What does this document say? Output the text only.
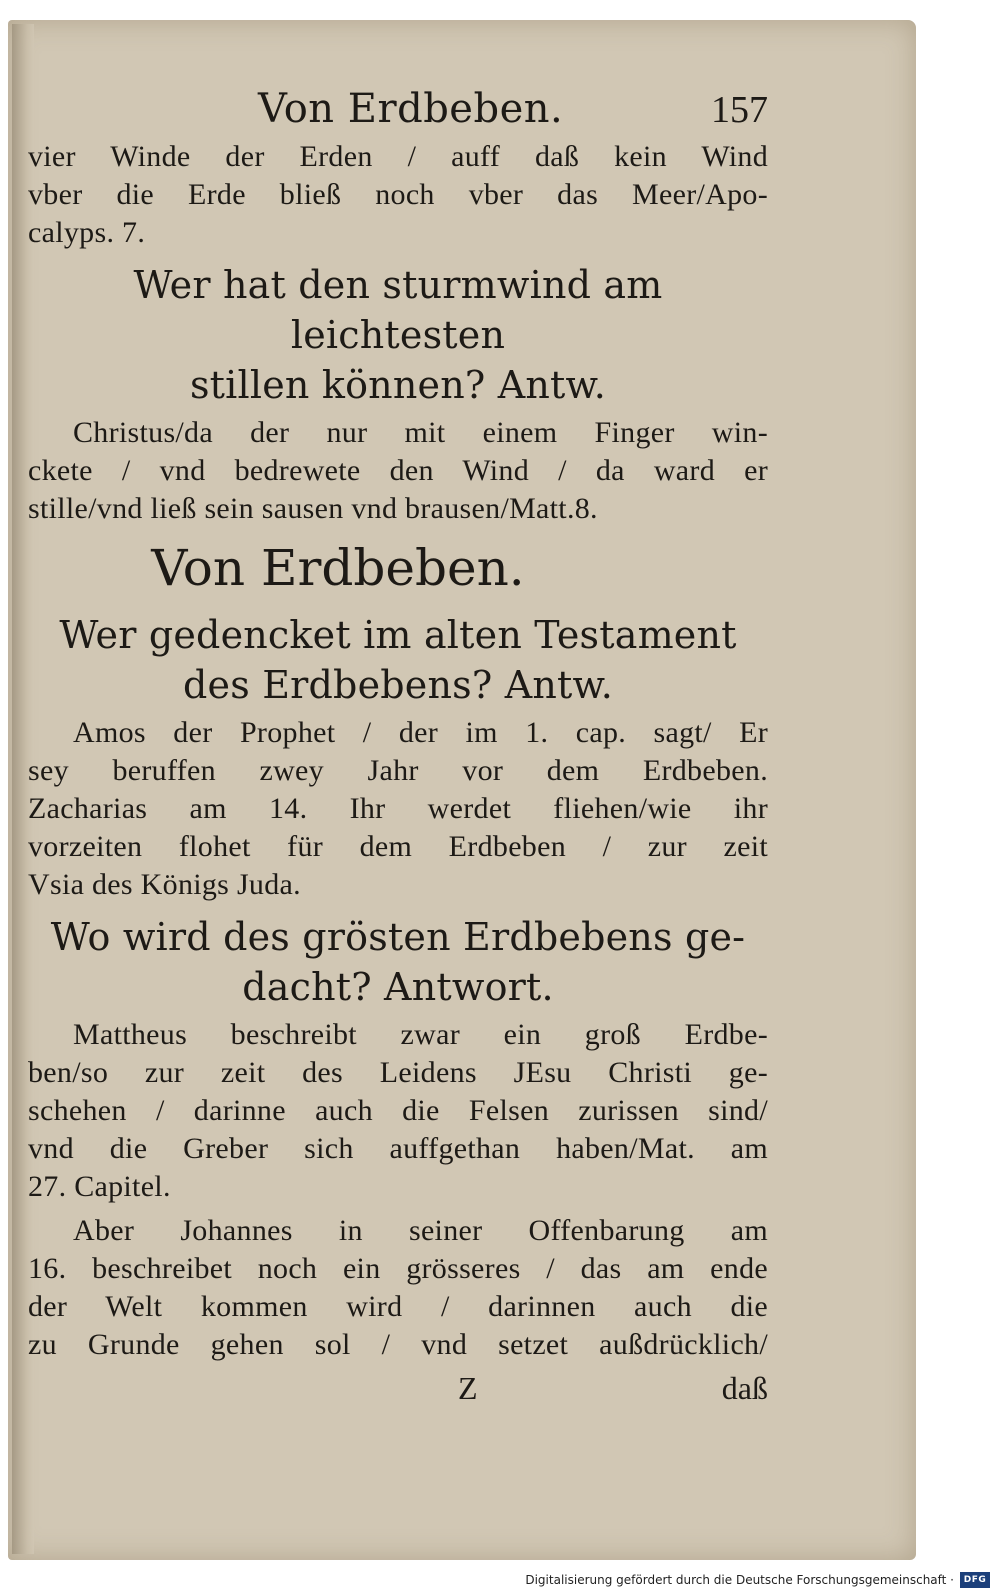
Von Erdbeben.	157
vier Winde der Erden / auff daß kein Wind
vber die Erde bließ noch vber das Meer/Apo-
calyps. 7.
Wer hat den sturmwind am leichtesten
stillen können? Antw.
Christus/da der nur mit einem Finger win-
ckete / vnd bedrewete den Wind / da ward er
stille/vnd ließ sein sausen vnd brausen/Matt.8.
Von Erdbeben.
Wer gedencket im alten Testament
des Erdbebens? Antw.
Amos der Prophet / der im 1. cap. sagt/ Er
sey beruffen zwey Jahr vor dem Erdbeben.
Zacharias am 14. Ihr werdet fliehen/wie ihr
vorzeiten flohet für dem Erdbeben / zur zeit
Vsia des Königs Juda.
Wo wird des grösten Erdbebens ge-
dacht? Antwort.
Mattheus beschreibt zwar ein groß Erdbe-
ben/so zur zeit des Leidens JEsu Christi ge-
schehen / darinne auch die Felsen zurissen sind/
vnd die Greber sich auffgethan haben/Mat. am
27. Capitel.
Aber Johannes in seiner Offenbarung am
16. beschreibet noch ein grösseres / das am ende
der Welt kommen wird / darinnen auch die
zu Grunde gehen sol / vnd setzet außdrücklich/
Z	daß
Digitalisierung gefördert durch die Deutsche Forschungsgemeinschaft ·	DFG
